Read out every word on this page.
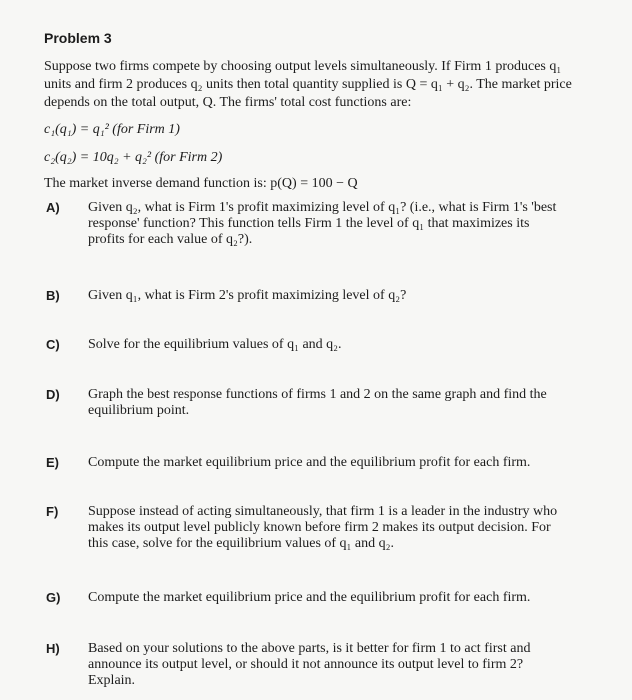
Problem 3
Suppose two firms compete by choosing output levels simultaneously. If Firm 1 produces q₁ units and firm 2 produces q₂ units then total quantity supplied is Q = q₁ + q₂. The market price depends on the total output, Q. The firms' total cost functions are:
c₁(q₁) = q₁² (for Firm 1)
c₂(q₂) = 10q₂ + q₂² (for Firm 2)
The market inverse demand function is: p(Q) = 100 − Q
A) Given q₂, what is Firm 1's profit maximizing level of q₁? (i.e., what is Firm 1's 'best response' function? This function tells Firm 1 the level of q₁ that maximizes its profits for each value of q₂?).
B) Given q₁, what is Firm 2's profit maximizing level of q₂?
C) Solve for the equilibrium values of q₁ and q₂.
D) Graph the best response functions of firms 1 and 2 on the same graph and find the equilibrium point.
E) Compute the market equilibrium price and the equilibrium profit for each firm.
F) Suppose instead of acting simultaneously, that firm 1 is a leader in the industry who makes its output level publicly known before firm 2 makes its output decision. For this case, solve for the equilibrium values of q₁ and q₂.
G) Compute the market equilibrium price and the equilibrium profit for each firm.
H) Based on your solutions to the above parts, is it better for firm 1 to act first and announce its output level, or should it not announce its output level to firm 2? Explain.
